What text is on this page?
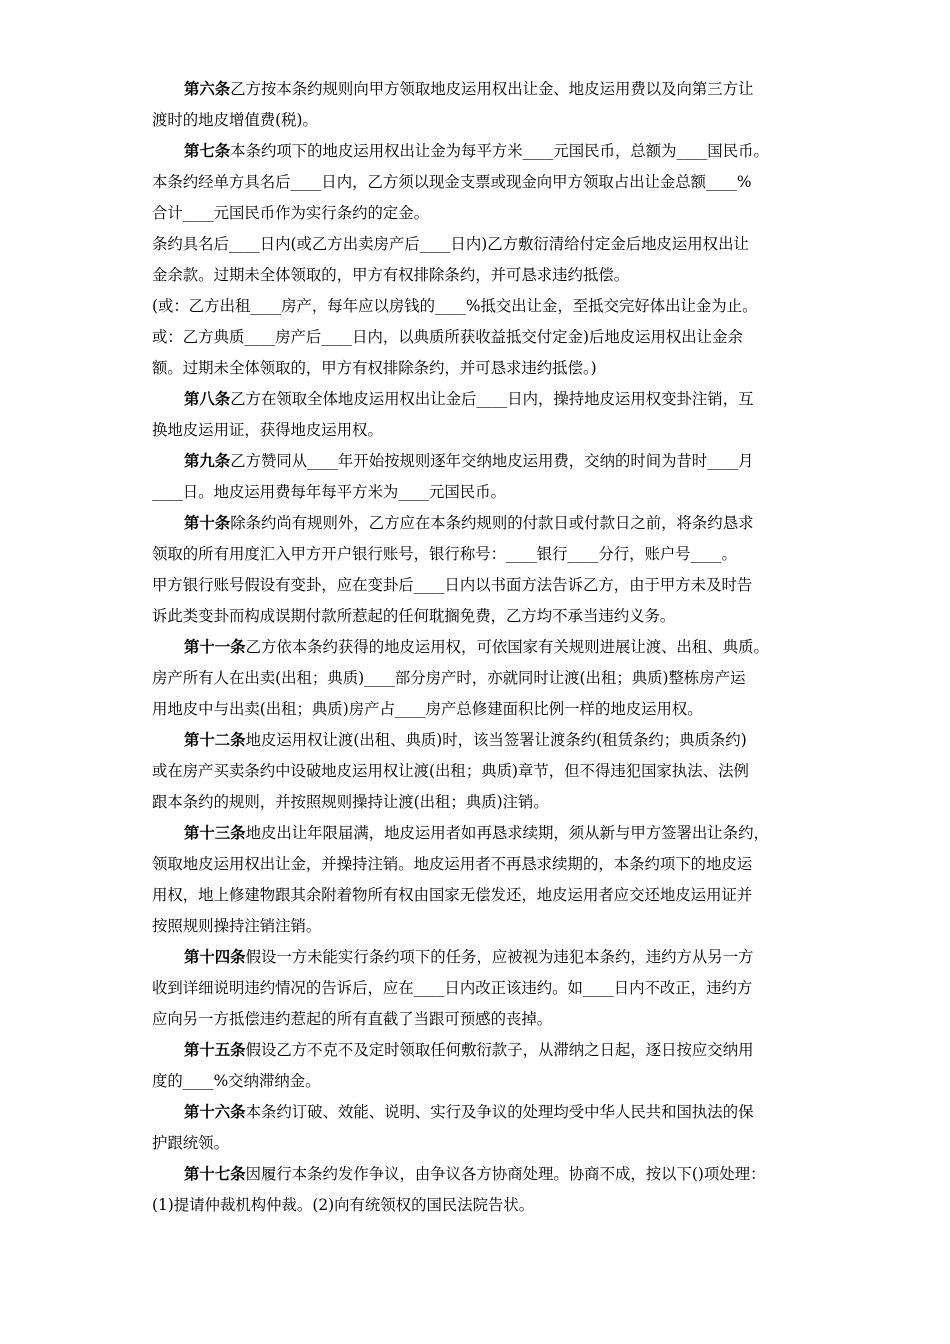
第六条乙方按本条约规则向甲方领取地皮运用权出让金、地皮运用费以及向第三方让
渡时的地皮增值费(税)。

第七条本条约项下的地皮运用权出让金为每平方米____元国民币，总额为____国民币。
本条约经单方具名后____日内，乙方须以现金支票或现金向甲方领取占出让金总额____%
合计____元国民币作为实行条约的定金。

条约具名后____日内(或乙方出卖房产后____日内)乙方敷衍清给付定金后地皮运用权出让
金余款。过期未全体领取的，甲方有权排除条约，并可恳求违约抵偿。

(或：乙方出租____房产，每年应以房钱的____%抵交出让金，至抵交完好体出让金为止。
或：乙方典质____房产后____日内，以典质所获收益抵交付定金)后地皮运用权出让金余
额。过期未全体领取的，甲方有权排除条约，并可恳求违约抵偿。)

第八条乙方在领取全体地皮运用权出让金后____日内，操持地皮运用权变卦注销，互
换地皮运用证，获得地皮运用权。

第九条乙方赞同从____年开始按规则逐年交纳地皮运用费，交纳的时间为昔时____月
____日。地皮运用费每年每平方米为____元国民币。

第十条除条约尚有规则外，乙方应在本条约规则的付款日或付款日之前，将条约恳求
领取的所有用度汇入甲方开户银行账号，银行称号：____银行____分行，账户号____。

甲方银行账号假设有变卦，应在变卦后____日内以书面方法告诉乙方，由于甲方未及时告
诉此类变卦而构成误期付款所惹起的任何耽搁免费，乙方均不承当违约义务。

第十一条乙方依本条约获得的地皮运用权，可依国家有关规则进展让渡、出租、典质。
房产所有人在出卖(出租；典质)____部分房产时，亦就同时让渡(出租；典质)整栋房产运
用地皮中与出卖(出租；典质)房产占____房产总修建面积比例一样的地皮运用权。

第十二条地皮运用权让渡(出租、典质)时，该当签署让渡条约(租赁条约；典质条约)
或在房产买卖条约中设破地皮运用权让渡(出租；典质)章节，但不得违犯国家执法、法例
跟本条约的规则，并按照规则操持让渡(出租；典质)注销。

第十三条地皮出让年限届满，地皮运用者如再恳求续期，须从新与甲方签署出让条约，
领取地皮运用权出让金，并操持注销。地皮运用者不再恳求续期的，本条约项下的地皮运
用权，地上修建物跟其余附着物所有权由国家无偿发还，地皮运用者应交还地皮运用证并
按照规则操持注销注销。

第十四条假设一方未能实行条约项下的任务，应被视为违犯本条约，违约方从另一方
收到详细说明违约情况的告诉后，应在____日内改正该违约。如____日内不改正，违约方
应向另一方抵偿违约惹起的所有直截了当跟可预感的丧掉。

第十五条假设乙方不克不及定时领取任何敷衍款子，从滞纳之日起，逐日按应交纳用
度的____%交纳滞纳金。

第十六条本条约订破、效能、说明、实行及争议的处理均受中华人民共和国执法的保
护跟统领。

第十七条因履行本条约发作争议，由争议各方协商处理。协商不成，按以下()项处理：
(1)提请仲裁机构仲裁。(2)向有统领权的国民法院告状。
